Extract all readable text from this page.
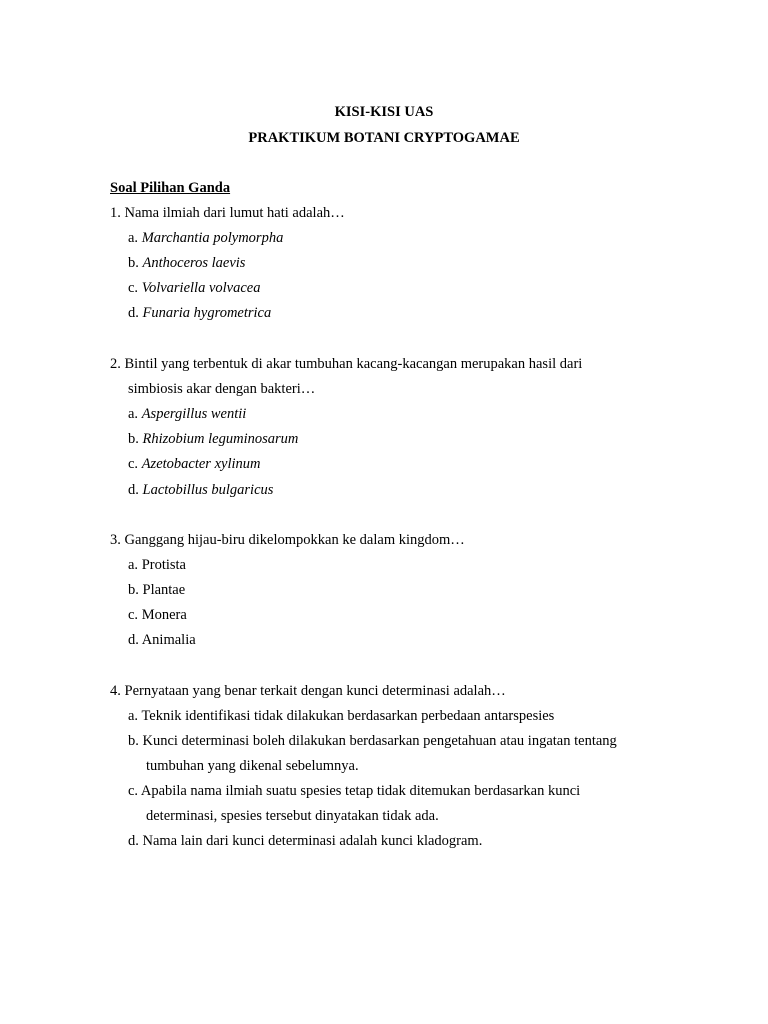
KISI-KISI UAS
PRAKTIKUM BOTANI CRYPTOGAMAE
Soal Pilihan Ganda
1. Nama ilmiah dari lumut hati adalah…
a. Marchantia polymorpha
b. Anthoceros laevis
c. Volvariella volvacea
d. Funaria hygrometrica
2. Bintil yang terbentuk di akar tumbuhan kacang-kacangan merupakan hasil dari
simbiosis akar dengan bakteri…
a. Aspergillus wentii
b. Rhizobium leguminosarum
c. Azetobacter xylinum
d. Lactobillus bulgaricus
3. Ganggang hijau-biru dikelompokkan ke dalam kingdom…
a. Protista
b. Plantae
c. Monera
d. Animalia
4. Pernyataan yang benar terkait dengan kunci determinasi adalah…
a. Teknik identifikasi tidak dilakukan berdasarkan perbedaan antarspesies
b. Kunci determinasi boleh dilakukan berdasarkan pengetahuan atau ingatan tentang
tumbuhan yang dikenal sebelumnya.
c. Apabila nama ilmiah suatu spesies tetap tidak ditemukan berdasarkan kunci
determinasi, spesies tersebut dinyatakan tidak ada.
d. Nama lain dari kunci determinasi adalah kunci kladogram.
